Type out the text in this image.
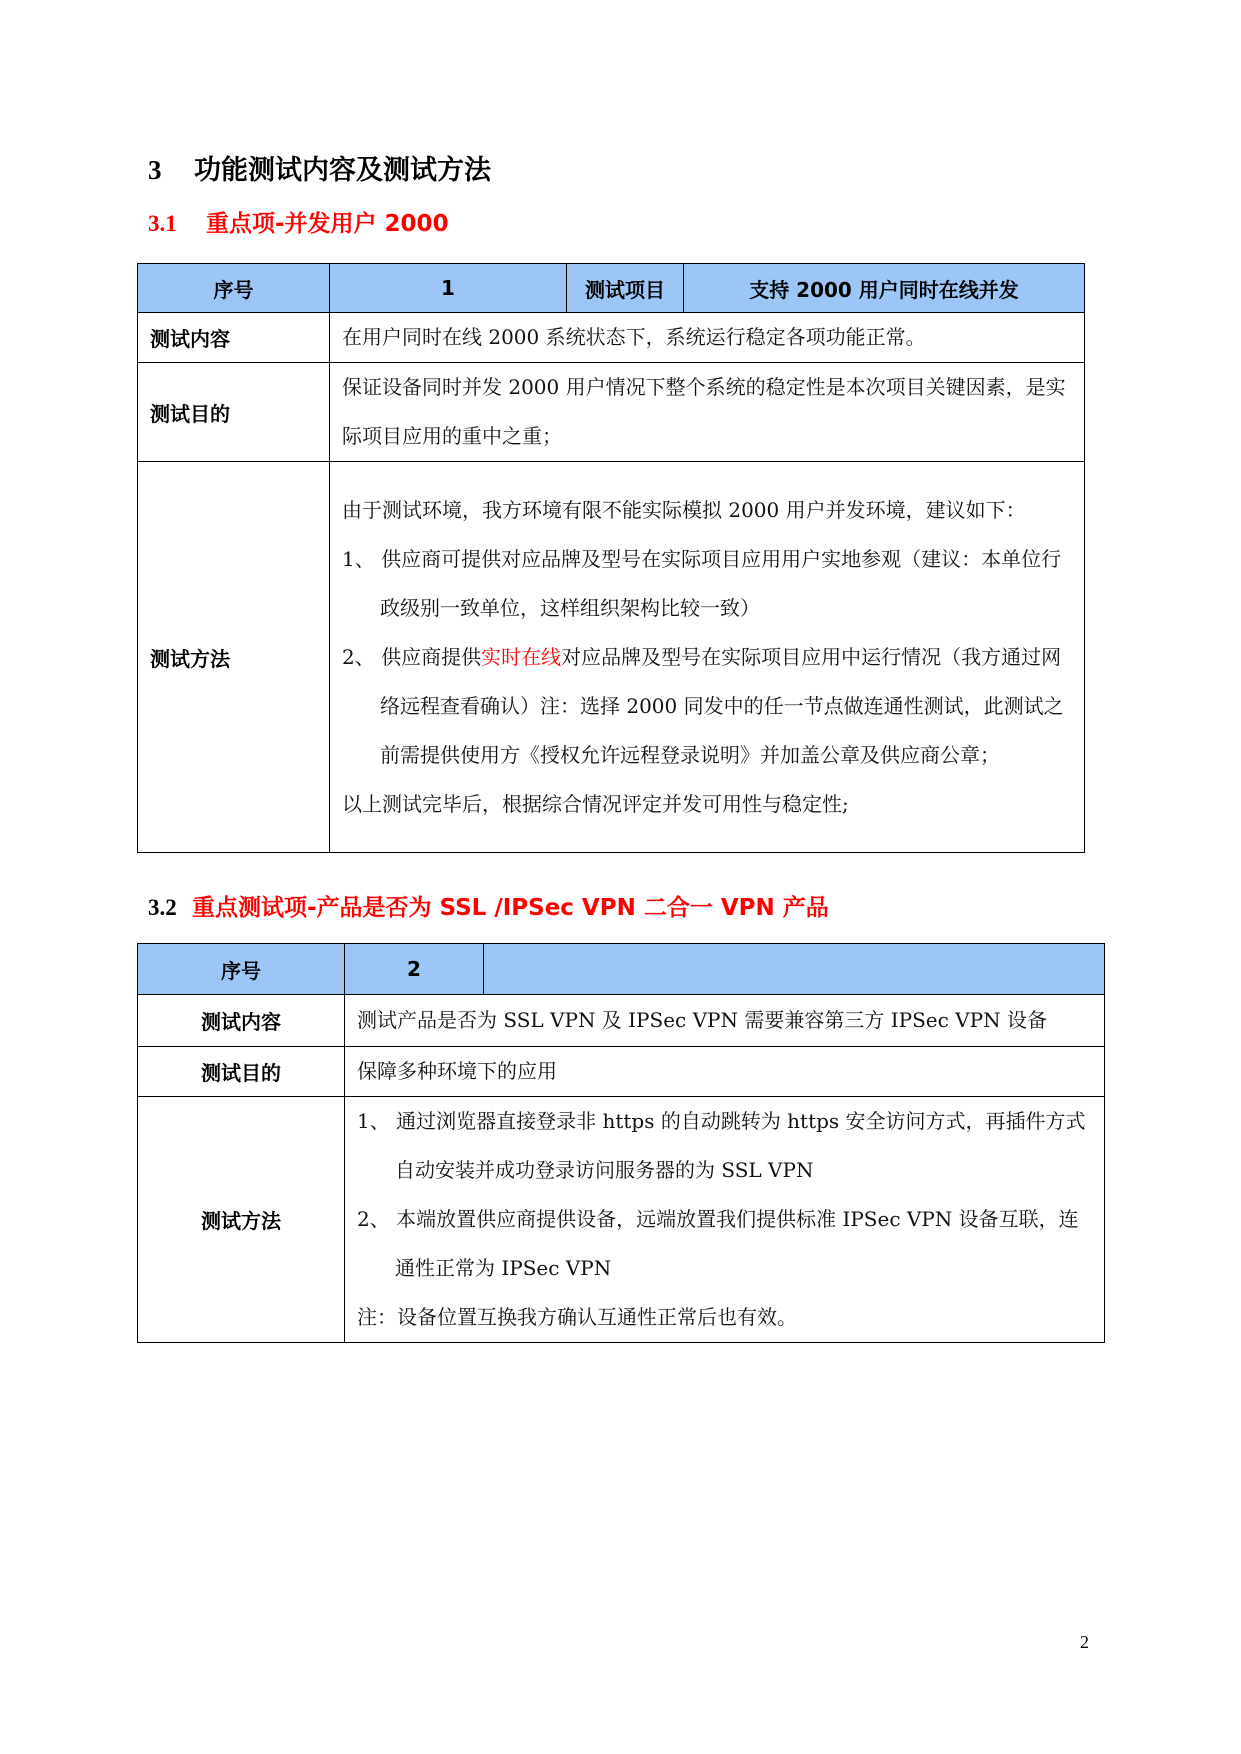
3 功能测试内容及测试方法
3.1 重点项-并发用户 2000
序号	1	测试项目	支持 2000 用户同时在线并发
测试内容	在用户同时在线 2000 系统状态下，系统运行稳定各项功能正常。		
测试目的	保证设备同时并发 2000 用户情况下整个系统的稳定性是本次项目关键因素，是实际项目应用的重中之重；		
测试方法	由于测试环境，我方环境有限不能实际模拟 2000 用户并发环境，建议如下：
1、 供应商可提供对应品牌及型号在实际项目应用用户实地参观（建议：本单位行政级别一致单位，这样组织架构比较一致）
2、 供应商提供实时在线对应品牌及型号在实际项目应用中运行情况（我方通过网络远程查看确认）注：选择 2000 同发中的任一节点做连通性测试，此测试之前需提供使用方《授权允许远程登录说明》并加盖公章及供应商公章；
以上测试完毕后，根据综合情况评定并发可用性与稳定性;		
3.2 重点测试项-产品是否为 SSL /IPSec VPN 二合一 VPN 产品
序号	2	
测试内容	测试产品是否为 SSL VPN 及 IPSec VPN 需要兼容第三方 IPSec VPN 设备	
测试目的	保障多种环境下的应用	
测试方法	1、 通过浏览器直接登录非 https 的自动跳转为 https 安全访问方式，再插件方式自动安装并成功登录访问服务器的为 SSL VPN
2、 本端放置供应商提供设备，远端放置我们提供标准 IPSec VPN 设备互联，连通性正常为 IPSec VPN
注：设备位置互换我方确认互通性正常后也有效。	
2
